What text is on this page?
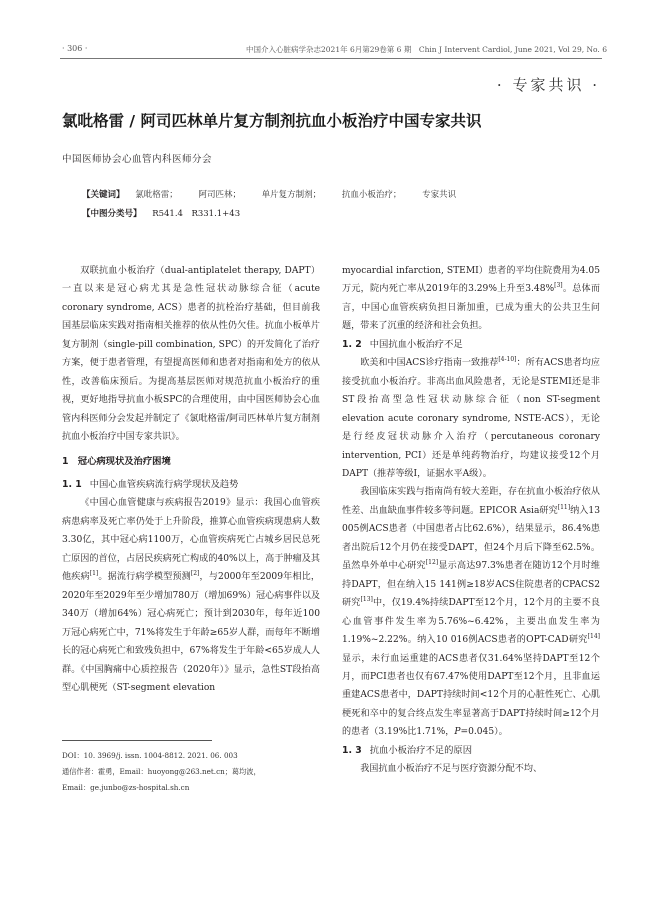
· 306 ·	中国介入心脏病学杂志2021年 6月第29卷第 6 期　Chin J Intervent Cardiol, June 2021, Vol 29, No. 6
· 专家共识 ·
氯吡格雷 / 阿司匹林单片复方制剂抗血小板治疗中国专家共识
中国医师协会心血管内科医师分会
【关键词】 氯吡格雷； 阿司匹林； 单片复方制剂； 抗血小板治疗； 专家共识
【中图分类号】 R541.4　R331.1+43

双联抗血小板治疗（dual-antiplatelet therapy, DAPT）一直以来是冠心病尤其是急性冠状动脉综合征（acute coronary syndrome, ACS）患者的抗栓治疗基础，但目前我国基层临床实践对指南相关推荐的依从性仍欠佳。抗血小板单片复方制剂（single-pill combination, SPC）的开发简化了治疗方案，便于患者管理，有望提高医师和患者对指南和处方的依从性，改善临床预后。为提高基层医师对规范抗血小板治疗的重视，更好地指导抗血小板SPC的合理使用，由中国医师协会心血管内科医师分会发起并制定了《氯吡格雷/阿司匹林单片复方制剂抗血小板治疗中国专家共识》。

1　冠心病现状及治疗困境
1. 1 中国心血管疾病流行病学现状及趋势

《中国心血管健康与疾病报告2019》显示：我国心血管疾病患病率及死亡率仍处于上升阶段，推算心血管疾病现患病人数3.30亿，其中冠心病1100万，心血管疾病死亡占城乡居民总死亡原因的首位，占居民疾病死亡构成的40%以上，高于肿瘤及其他疾病[1]。据流行病学模型预测[2]，与2000年至2009年相比，2020年至2029年至少增加780万（增加69%）冠心病事件以及340万（增加64%）冠心病死亡；预计到2030年，每年近100万冠心病死亡中，71%将发生于年龄≥65岁人群，而每年不断增长的冠心病死亡和致残负担中，67%将发生于年龄<65岁成人人群。《中国胸痛中心质控报告（2020年）》显示，急性ST段抬高型心肌梗死（ST-segment elevation

myocardial infarction, STEMI）患者的平均住院费用为4.05万元，院内死亡率从2019年的3.29%上升至3.48%[3]。总体而言，中国心血管疾病负担日渐加重，已成为重大的公共卫生问题，带来了沉重的经济和社会负担。

1. 2 中国抗血小板治疗不足

欧美和中国ACS诊疗指南一致推荐[4-10]：所有ACS患者均应接受抗血小板治疗。非高出血风险患者，无论是STEMI还是非ST段抬高型急性冠状动脉综合征（non ST-segment elevation acute coronary syndrome, NSTE-ACS），无论是行经皮冠状动脉介入治疗（percutaneous coronary intervention, PCI）还是单纯药物治疗，均建议接受12个月DAPT（推荐等级Ⅰ，证据水平A级）。

我国临床实践与指南尚有较大差距，存在抗血小板治疗依从性差、出血缺血事件较多等问题。EPICOR Asia研究[11]纳入13 005例ACS患者（中国患者占比62.6%），结果显示，86.4%患者出院后12个月仍在接受DAPT，但24个月后下降至62.5%。虽然阜外单中心研究[12]显示高达97.3%患者在随访12个月时维持DAPT，但在纳入15 141例≥18岁ACS住院患者的CPACS2研究[13]中，仅19.4%持续DAPT至12个月，12个月的主要不良心血管事件发生率为5.76%~6.42%，主要出血发生率为1.19%~2.22%。纳入10 016例ACS患者的OPT-CAD研究[14]显示，未行血运重建的ACS患者仅31.64%坚持DAPT至12个月，而PCI患者也仅有67.47%使用DAPT至12个月，且非血运重建ACS患者中，DAPT持续时间<12个月的心脏性死亡、心肌梗死和卒中的复合终点发生率显著高于DAPT持续时间≥12个月的患者（3.19%比1.71%，P=0.045）。

1. 3 抗血小板治疗不足的原因

我国抗血小板治疗不足与医疗资源分配不均、

DOI：10. 3969/j. issn. 1004-8812. 2021. 06. 003
通信作者：霍勇，Email：huoyong@263.net.cn；葛均波，
Email：ge.junbo@zs-hospital.sh.cn
